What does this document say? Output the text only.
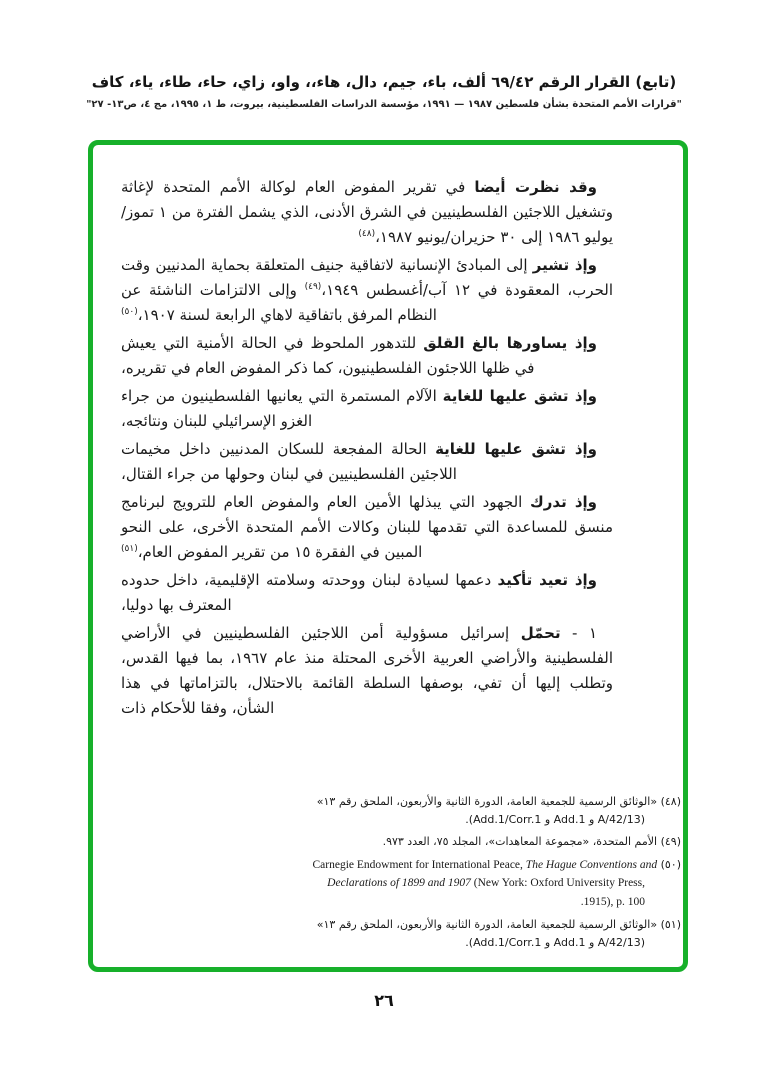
(تابع) القرار الرقم ٦٩/٤٢ ألف، باء، جيم، دال، هاء،، واو، زاي، حاء، طاء، ياء، كاف
"قرارات الأمم المتحدة بشأن فلسطين ١٩٨٧ — ١٩٩١، مؤسسة الدراسات الفلسطينية، بيروت، ط ١، ١٩٩٥، مج ٤، ص١٣- ٢٧"

وقد نظرت أيضا في تقرير المفوض العام لوكالة الأمم المتحدة لإغاثة وتشغيل اللاجئين الفلسطينيين في الشرق الأدنى، الذي يشمل الفترة من ١ تموز/يوليو ١٩٨٦ إلى ٣٠ حزيران/يونيو ١٩٨٧،$^{(٤٨)}$

وإذ تشير إلى المبادئ الإنسانية لاتفاقية جنيف المتعلقة بحماية المدنيين وقت الحرب، المعقودة في ١٢ آب/أغسطس ١٩٤٩،$^{(٤٩)}$ وإلى الالتزامات الناشئة عن النظام المرفق باتفاقية لاهاي الرابعة لسنة ١٩٠٧،$^{(٥٠)}$

وإذ يساورها بالغ القلق للتدهور الملحوظ في الحالة الأمنية التي يعيش في ظلها اللاجئون الفلسطينيون، كما ذكر المفوض العام في تقريره،

وإذ تشق عليها للغاية الآلام المستمرة التي يعانيها الفلسطينيون من جراء الغزو الإسرائيلي للبنان ونتائجه،

وإذ تشق عليها للغاية الحالة المفجعة للسكان المدنيين داخل مخيمات اللاجئين الفلسطينيين في لبنان وحولها من جراء القتال،

وإذ تدرك الجهود التي يبذلها الأمين العام والمفوض العام للترويج لبرنامج منسق للمساعدة التي تقدمها للبنان وكالات الأمم المتحدة الأخرى، على النحو المبين في الفقرة ١٥ من تقرير المفوض العام،$^{(٥١)}$

وإذ تعيد تأكيد دعمها لسيادة لبنان ووحدته وسلامته الإقليمية، داخل حدوده المعترف بها دوليا،

١ - تحمّل إسرائيل مسؤولية أمن اللاجئين الفلسطينيين في الأراضي الفلسطينية والأراضي العربية الأخرى المحتلة منذ عام ١٩٦٧، بما فيها القدس، وتطلب إليها أن تفي، بوصفها السلطة القائمة بالاحتلال، بالتزاماتها في هذا الشأن، وفقا للأحكام ذات

(٤٨) «الوثائق الرسمية للجمعية العامة، الدورة الثانية والأربعون، الملحق رقم ١٣» (A/42/13 و Add.1 و Add.1/Corr.1).

(٤٩) الأمم المتحدة، «مجموعة المعاهدات»، المجلد ٧٥، العدد ٩٧٣.

(٥٠) Carnegie Endowment for International Peace, The Hague Conventions and Declarations of 1899 and 1907 (New York: Oxford University Press, 1915), p. 100.

(٥١) «الوثائق الرسمية للجمعية العامة، الدورة الثانية والأربعون، الملحق رقم ١٣» (A/42/13 و Add.1 و Add.1/Corr.1).

٢٦
